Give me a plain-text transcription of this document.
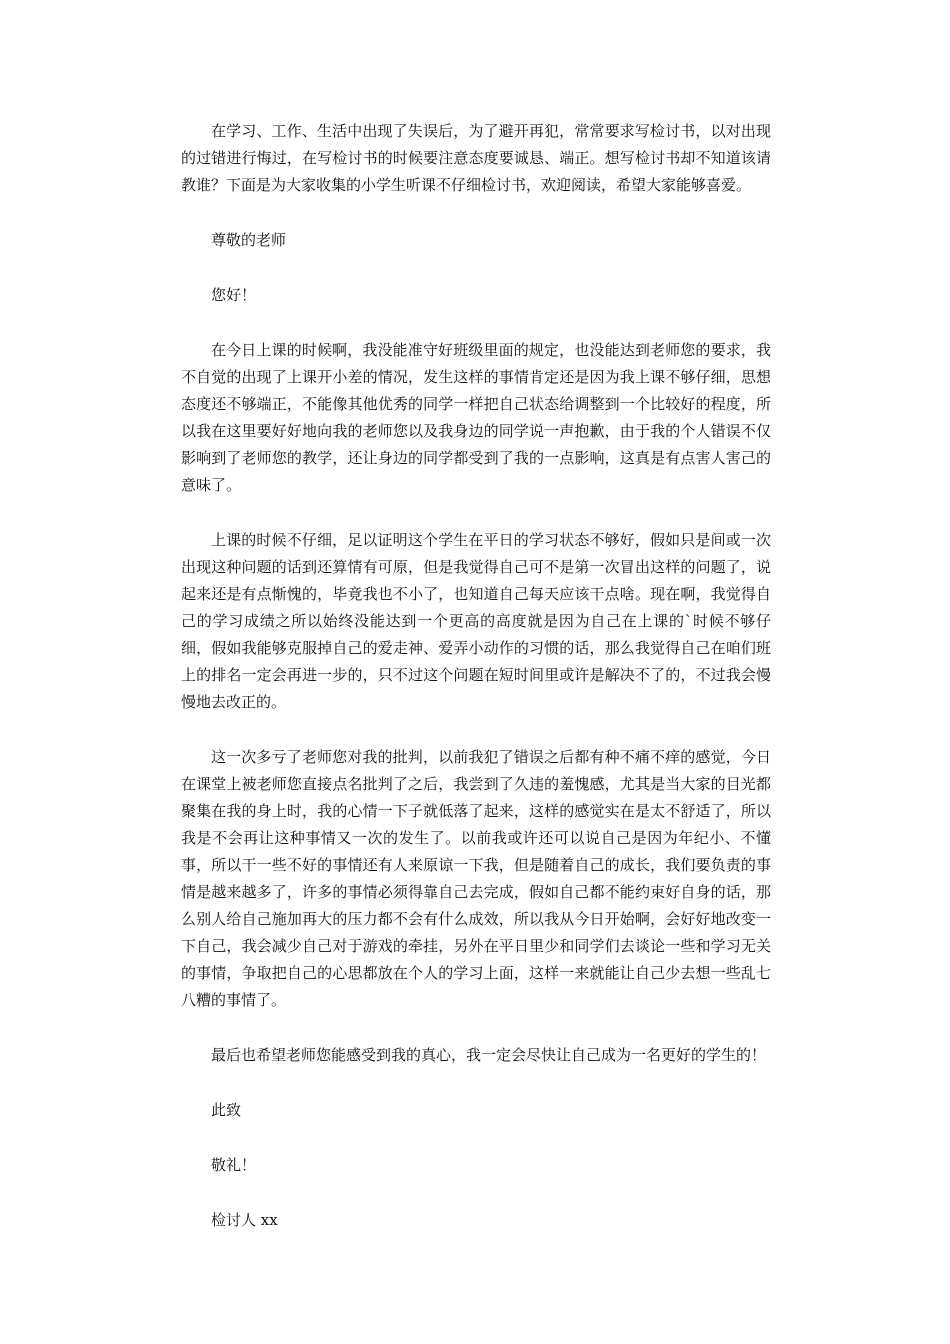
在学习、工作、生活中出现了失误后，为了避开再犯，常常要求写检讨书，以对出现的过错进行悔过，在写检讨书的时候要注意态度要诚恳、端正。想写检讨书却不知道该请教谁？下面是为大家收集的小学生听课不仔细检讨书，欢迎阅读，希望大家能够喜爱。

尊敬的老师

您好！

在今日上课的时候啊，我没能准守好班级里面的规定，也没能达到老师您的要求，我不自觉的出现了上课开小差的情况，发生这样的事情肯定还是因为我上课不够仔细，思想态度还不够端正，不能像其他优秀的同学一样把自己状态给调整到一个比较好的程度，所以我在这里要好好地向我的老师您以及我身边的同学说一声抱歉，由于我的个人错误不仅影响到了老师您的教学，还让身边的同学都受到了我的一点影响，这真是有点害人害己的意味了。

上课的时候不仔细，足以证明这个学生在平日的学习状态不够好，假如只是间或一次出现这种问题的话到还算情有可原，但是我觉得自己可不是第一次冒出这样的问题了，说起来还是有点惭愧的，毕竟我也不小了，也知道自己每天应该干点啥。现在啊，我觉得自己的学习成绩之所以始终没能达到一个更高的高度就是因为自己在上课的`时候不够仔细，假如我能够克服掉自己的爱走神、爱弄小动作的习惯的话，那么我觉得自己在咱们班上的排名一定会再进一步的，只不过这个问题在短时间里或许是解决不了的，不过我会慢慢地去改正的。

这一次多亏了老师您对我的批判，以前我犯了错误之后都有种不痛不痒的感觉，今日在课堂上被老师您直接点名批判了之后，我尝到了久违的羞愧感，尤其是当大家的目光都聚集在我的身上时，我的心情一下子就低落了起来，这样的感觉实在是太不舒适了，所以我是不会再让这种事情又一次的发生了。以前我或许还可以说自己是因为年纪小、不懂事，所以干一些不好的事情还有人来原谅一下我，但是随着自己的成长，我们要负责的事情是越来越多了，许多的事情必须得靠自己去完成，假如自己都不能约束好自身的话，那么别人给自己施加再大的压力都不会有什么成效，所以我从今日开始啊，会好好地改变一下自己，我会减少自己对于游戏的牵挂，另外在平日里少和同学们去谈论一些和学习无关的事情，争取把自己的心思都放在个人的学习上面，这样一来就能让自己少去想一些乱七八糟的事情了。

最后也希望老师您能感受到我的真心，我一定会尽快让自己成为一名更好的学生的！

此致

敬礼！

检讨人 xx
